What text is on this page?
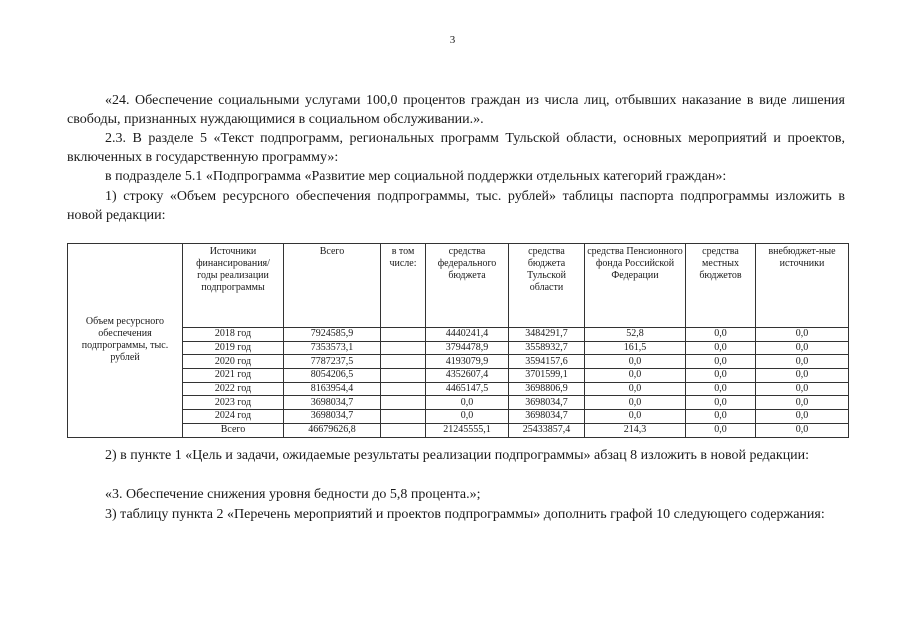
3

«24. Обеспечение социальными услугами 100,0 процентов граждан из числа лиц, отбывших наказание в виде лишения свободы, признанных нуждающимися в социальном обслуживании.».

2.3. В разделе 5 «Текст подпрограмм, региональных программ Тульской области, основных мероприятий и проектов, включенных в государственную программу»:

в подразделе 5.1 «Подпрограмма «Развитие мер социальной поддержки отдельных категорий граждан»:

1) строку «Объем ресурсного обеспечения подпрограммы, тыс. рублей» таблицы паспорта подпрограммы изложить в новой редакции:

Объем ресурсного обеспечения подпрограммы, тыс. рублей	Источники финансирования/ годы реализации подпрограммы	Всего	в том числе:	средства федерального бюджета	средства бюджета Тульской области	средства Пенсионного фонда Российской Федерации	средства местных бюджетов	внебюджет-ные источники
	2018 год	7924585,9		4440241,4	3484291,7	52,8	0,0	0,0
	2019 год	7353573,1		3794478,9	3558932,7	161,5	0,0	0,0
	2020 год	7787237,5		4193079,9	3594157,6	0,0	0,0	0,0
	2021 год	8054206,5		4352607,4	3701599,1	0,0	0,0	0,0
	2022 год	8163954,4		4465147,5	3698806,9	0,0	0,0	0,0
	2023 год	3698034,7		0,0	3698034,7	0,0	0,0	0,0
	2024 год	3698034,7		0,0	3698034,7	0,0	0,0	0,0
	Всего	46679626,8		21245555,1	25433857,4	214,3	0,0	0,0

2) в пункте 1 «Цель и задачи, ожидаемые результаты реализации подпрограммы» абзац 8 изложить в новой редакции:

«3. Обеспечение снижения уровня бедности до 5,8 процента.»;

3) таблицу пункта 2 «Перечень мероприятий и проектов подпрограммы» дополнить графой 10 следующего содержания:
